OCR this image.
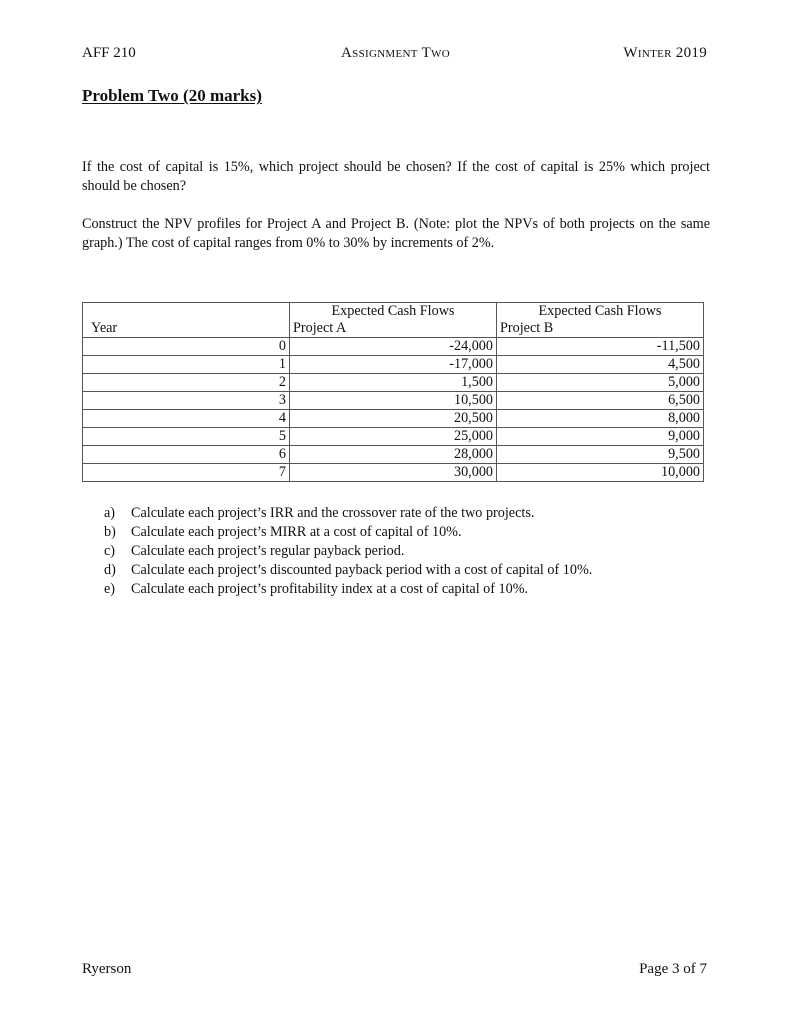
AFF 210	Assignment Two	Winter 2019
Problem Two (20 marks)

If the cost of capital is 15%, which project should be chosen? If the cost of capital is 25% which project should be chosen?

Construct the NPV profiles for Project A and Project B. (Note: plot the NPVs of both projects on the same graph.) The cost of capital ranges from 0% to 30% by increments of 2%.

	Expected Cash Flows	Expected Cash Flows
Year	Project A	Project B
0	-24,000	-11,500
1	-17,000	4,500
2	1,500	5,000
3	10,500	6,500
4	20,500	8,000
5	25,000	9,000
6	28,000	9,500
7	30,000	10,000
a)	Calculate each project’s IRR and the crossover rate of the two projects.
b)	Calculate each project’s MIRR at a cost of capital of 10%.
c)	Calculate each project’s regular payback period.
d)	Calculate each project’s discounted payback period with a cost of capital of 10%.
e)	Calculate each project’s profitability index at a cost of capital of 10%.
Ryerson	Page 3 of 7
